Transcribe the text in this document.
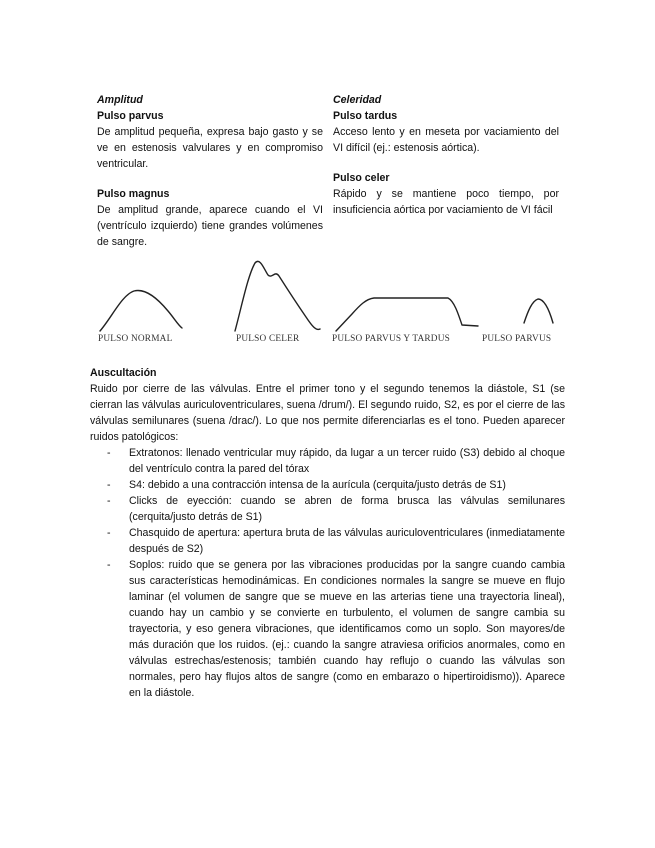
Amplitud
Pulso parvus
De amplitud pequeña, expresa bajo gasto y se ve en estenosis valvulares y en compromiso ventricular.
Pulso magnus
De amplitud grande, aparece cuando el VI (ventrículo izquierdo) tiene grandes volúmenes de sangre.
Celeridad
Pulso tardus
Acceso lento y en meseta por vaciamiento del VI difícil (ej.: estenosis aórtica).
Pulso celer
Rápido y se mantiene poco tiempo, por insuficiencia aórtica por vaciamiento de VI fácil
PULSO NORMAL	PULSO CELER	PULSO PARVUS Y TARDUS	PULSO PARVUS
Auscultación

Ruido por cierre de las válvulas. Entre el primer tono y el segundo tenemos la diástole, S1 (se cierran las válvulas auriculoventriculares, suena /drum/). El segundo ruido, S2, es por el cierre de las válvulas semilunares (suena /drac/). Lo que nos permite diferenciarlas es el tono. Pueden aparecer ruidos patológicos:

- Extratonos: llenado ventricular muy rápido, da lugar a un tercer ruido (S3) debido al choque del ventrículo contra la pared del tórax
- S4: debido a una contracción intensa de la aurícula (cerquita/justo detrás de S1)
- Clicks de eyección: cuando se abren de forma brusca las válvulas semilunares (cerquita/justo detrás de S1)
- Chasquido de apertura: apertura bruta de las válvulas auriculoventriculares (inmediatamente después de S2)
- Soplos: ruido que se genera por las vibraciones producidas por la sangre cuando cambia sus características hemodinámicas. En condiciones normales la sangre se mueve en flujo laminar (el volumen de sangre que se mueve en las arterias tiene una trayectoria lineal), cuando hay un cambio y se convierte en turbulento, el volumen de sangre cambia su trayectoria, y eso genera vibraciones, que identificamos como un soplo. Son mayores/de más duración que los ruidos. (ej.: cuando la sangre atraviesa orificios anormales, como en válvulas estrechas/estenosis; también cuando hay reflujo o cuando las válvulas son normales, pero hay flujos altos de sangre (como en embarazo o hipertiroidismo)). Aparece en la diástole.
